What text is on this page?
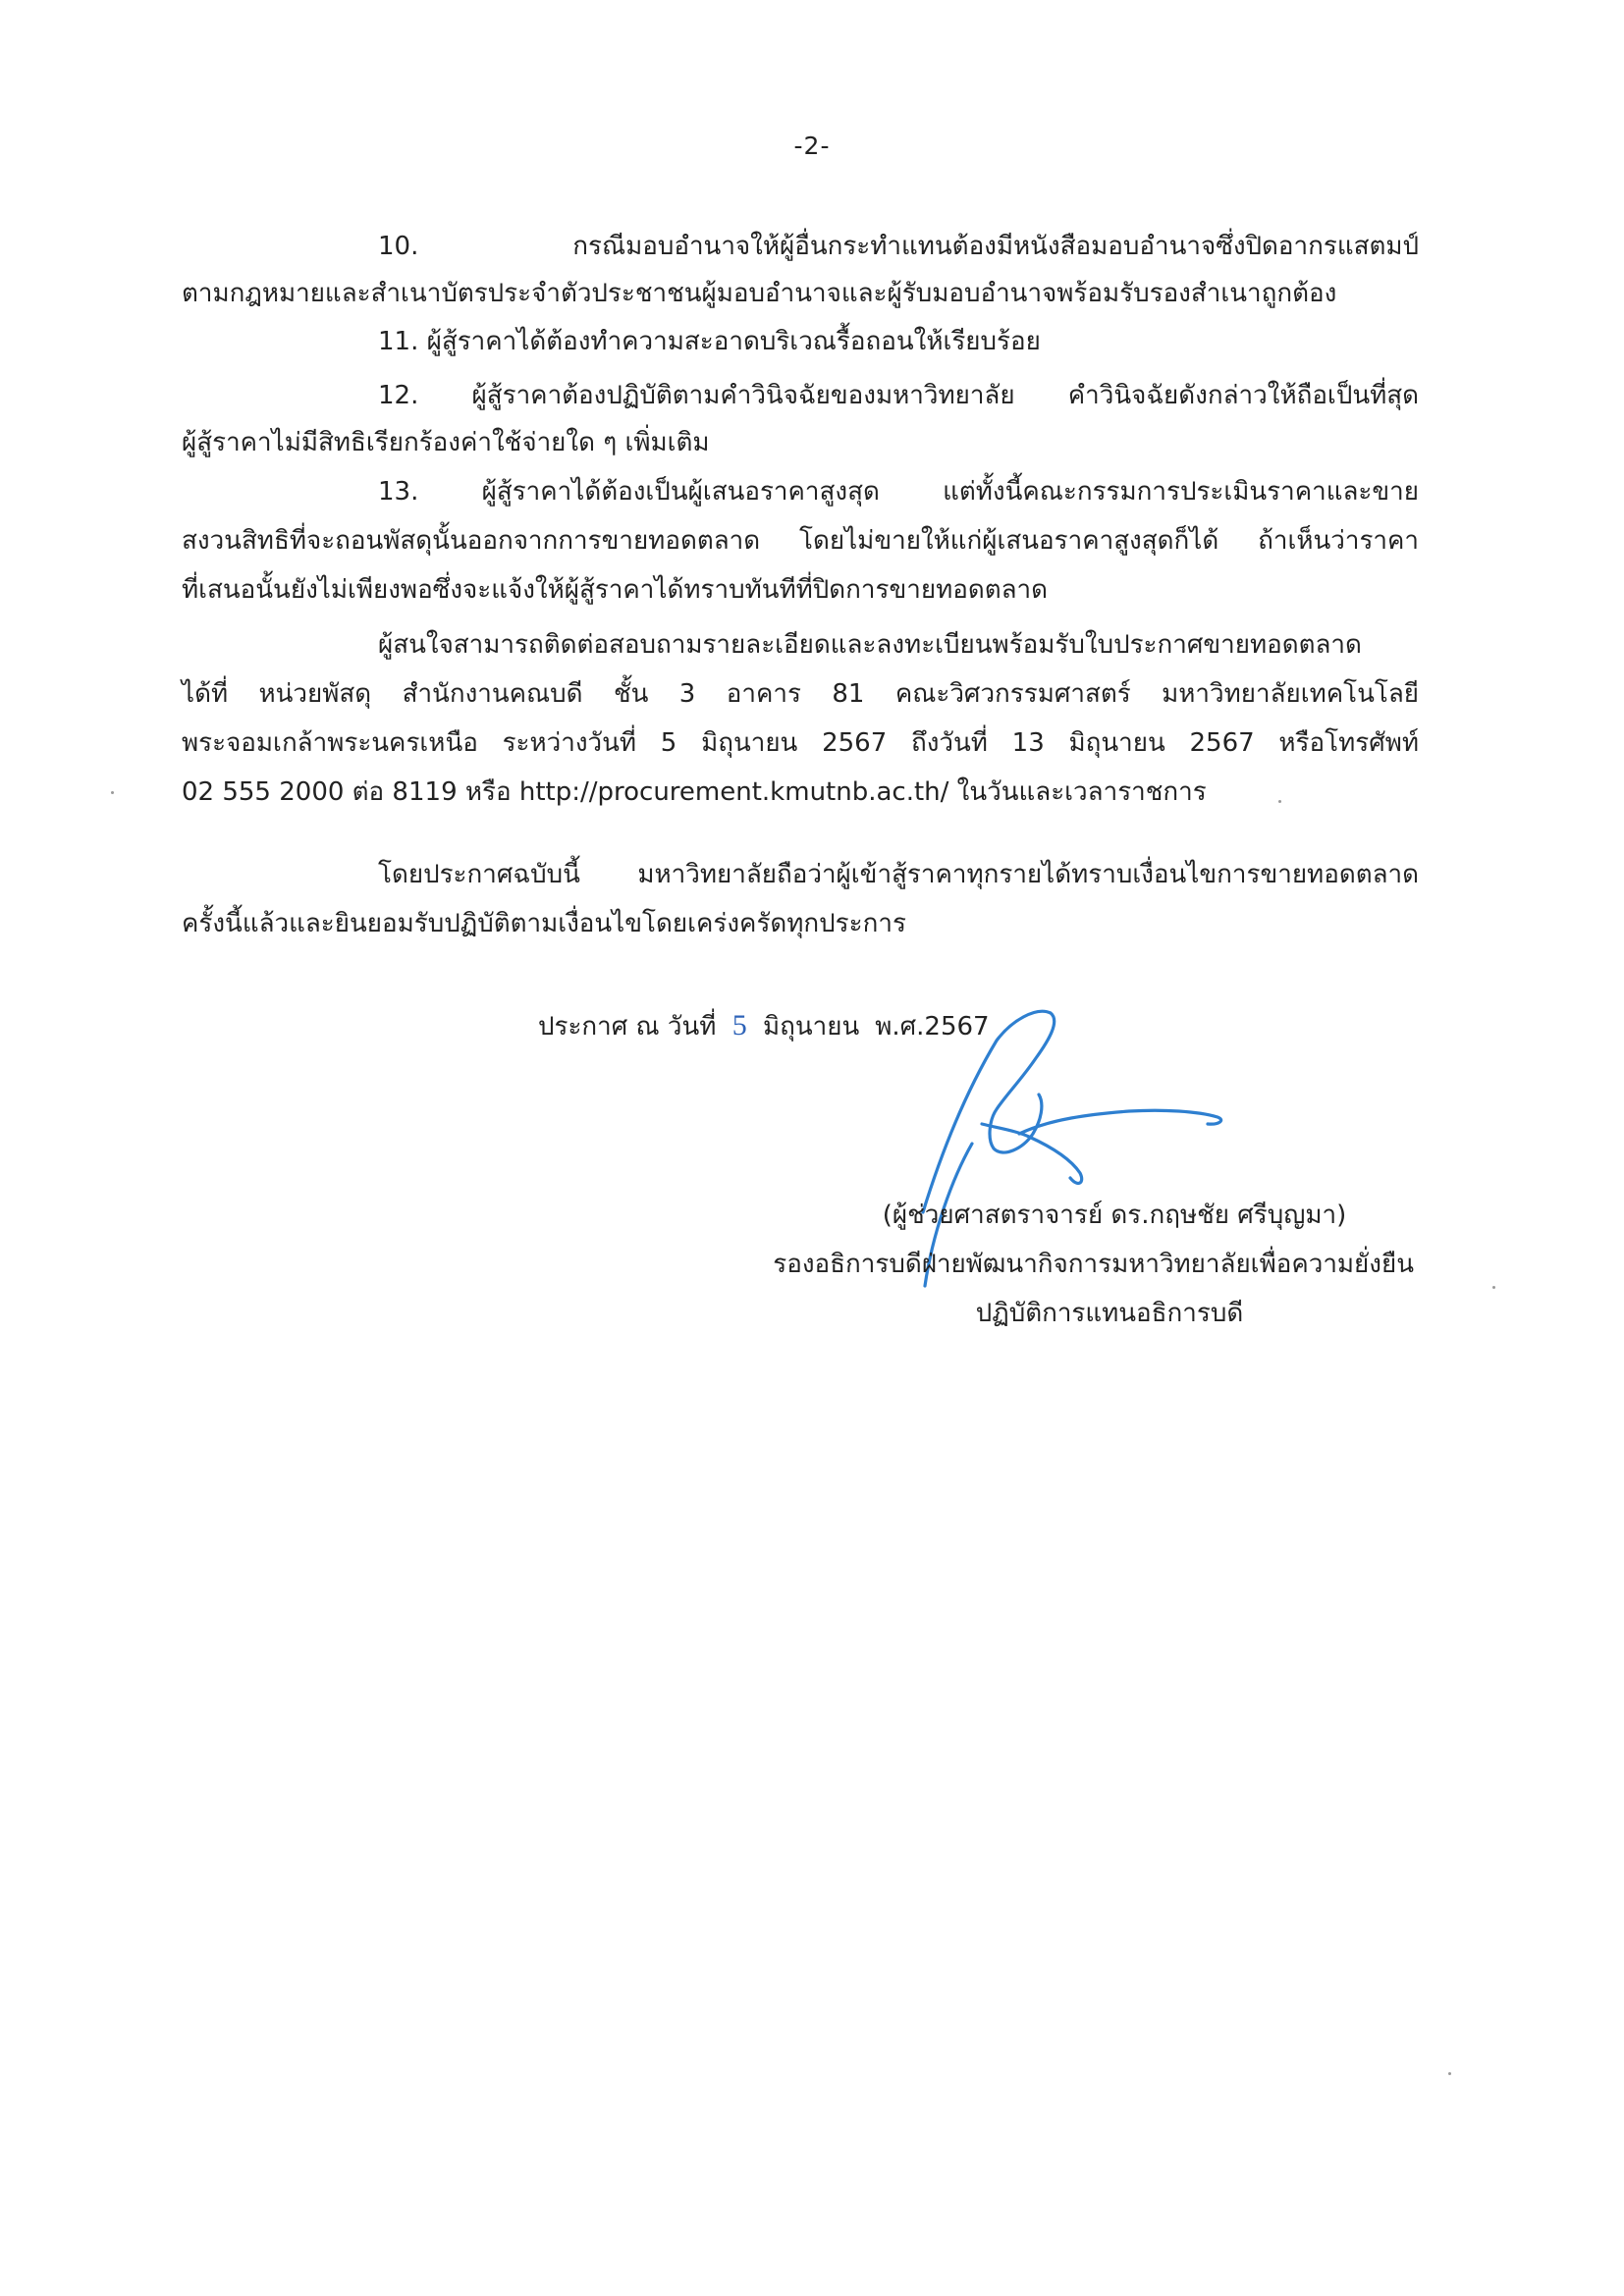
-2-
10. กรณีมอบอำนาจให้ผู้อื่นกระทำแทนต้องมีหนังสือมอบอำนาจซึ่งปิดอากรแสตมป์
ตามกฎหมายและสำเนาบัตรประจำตัวประชาชนผู้มอบอำนาจและผู้รับมอบอำนาจพร้อมรับรองสำเนาถูกต้อง
11. ผู้สู้ราคาได้ต้องทำความสะอาดบริเวณรื้อถอนให้เรียบร้อย
12. ผู้สู้ราคาต้องปฏิบัติตามคำวินิจฉัยของมหาวิทยาลัย คำวินิจฉัยดังกล่าวให้ถือเป็นที่สุด
ผู้สู้ราคาไม่มีสิทธิเรียกร้องค่าใช้จ่ายใด ๆ เพิ่มเติม
13. ผู้สู้ราคาได้ต้องเป็นผู้เสนอราคาสูงสุด แต่ทั้งนี้คณะกรรมการประเมินราคาและขาย
สงวนสิทธิที่จะถอนพัสดุนั้นออกจากการขายทอดตลาด โดยไม่ขายให้แก่ผู้เสนอราคาสูงสุดก็ได้ ถ้าเห็นว่าราคา
ที่เสนอนั้นยังไม่เพียงพอซึ่งจะแจ้งให้ผู้สู้ราคาได้ทราบทันทีที่ปิดการขายทอดตลาด
ผู้สนใจสามารถติดต่อสอบถามรายละเอียดและลงทะเบียนพร้อมรับใบประกาศขายทอดตลาด
ได้ที่ หน่วยพัสดุ สำนักงานคณบดี ชั้น 3 อาคาร 81 คณะวิศวกรรมศาสตร์ มหาวิทยาลัยเทคโนโลยี
พระจอมเกล้าพระนครเหนือ ระหว่างวันที่ 5 มิถุนายน 2567 ถึงวันที่ 13 มิถุนายน 2567 หรือโทรศัพท์
02 555 2000 ต่อ 8119 หรือ http://procurement.kmutnb.ac.th/ ในวันและเวลาราชการ
โดยประกาศฉบับนี้ มหาวิทยาลัยถือว่าผู้เข้าสู้ราคาทุกรายได้ทราบเงื่อนไขการขายทอดตลาด
ครั้งนี้แล้วและยินยอมรับปฏิบัติตามเงื่อนไขโดยเคร่งครัดทุกประการ
ประกาศ ณ วันที่ 5 มิถุนายน พ.ศ.2567
(ผู้ช่วยศาสตราจารย์ ดร.กฤษชัย ศรีบุญมา)
รองอธิการบดีฝ่ายพัฒนากิจการมหาวิทยาลัยเพื่อความยั่งยืน
ปฏิบัติการแทนอธิการบดี
